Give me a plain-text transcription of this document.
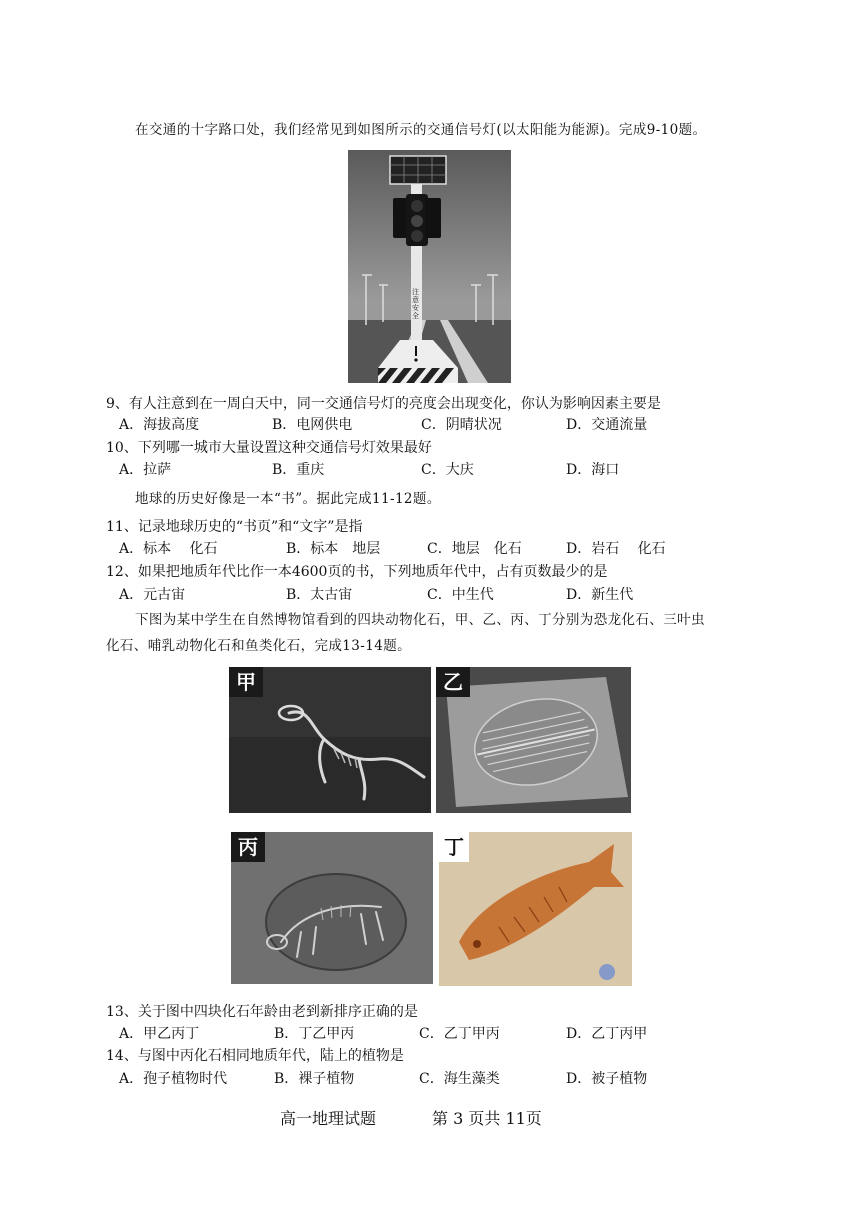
在交通的十字路口处，我们经常见到如图所示的交通信号灯(以太阳能为能源)。完成9-10题。
注意安全
9、有人注意到在一周白天中，同一交通信号灯的亮度会出现变化，你认为影响因素主要是
A．海拔高度	B．电网供电	C．阴晴状况	D．交通流量
10、下列哪一城市大量设置这种交通信号灯效果最好
A．拉萨	B．重庆	C．大庆	D．海口
地球的历史好像是一本“书”。据此完成11-12题。
11、记录地球历史的“书页”和“文字”是指
A．标本　 化石	B．标本　地层	C．地层　化石	D．岩石　 化石
12、如果把地质年代比作一本4600页的书，下列地质年代中，占有页数最少的是
A．元古宙	B．太古宙	C．中生代	D．新生代
下图为某中学生在自然博物馆看到的四块动物化石，甲、乙、丙、丁分别为恐龙化石、三叶虫
化石、哺乳动物化石和鱼类化石，完成13-14题。
甲	乙
丙	丁
13、关于图中四块化石年龄由老到新排序正确的是
A．甲乙丙丁	B．丁乙甲丙	C．乙丁甲丙	D．乙丁丙甲
14、与图中丙化石相同地质年代，陆上的植物是
A．孢子植物时代	B．裸子植物	C．海生藻类	D．被子植物
高一地理试题	第 3 页共 11页
